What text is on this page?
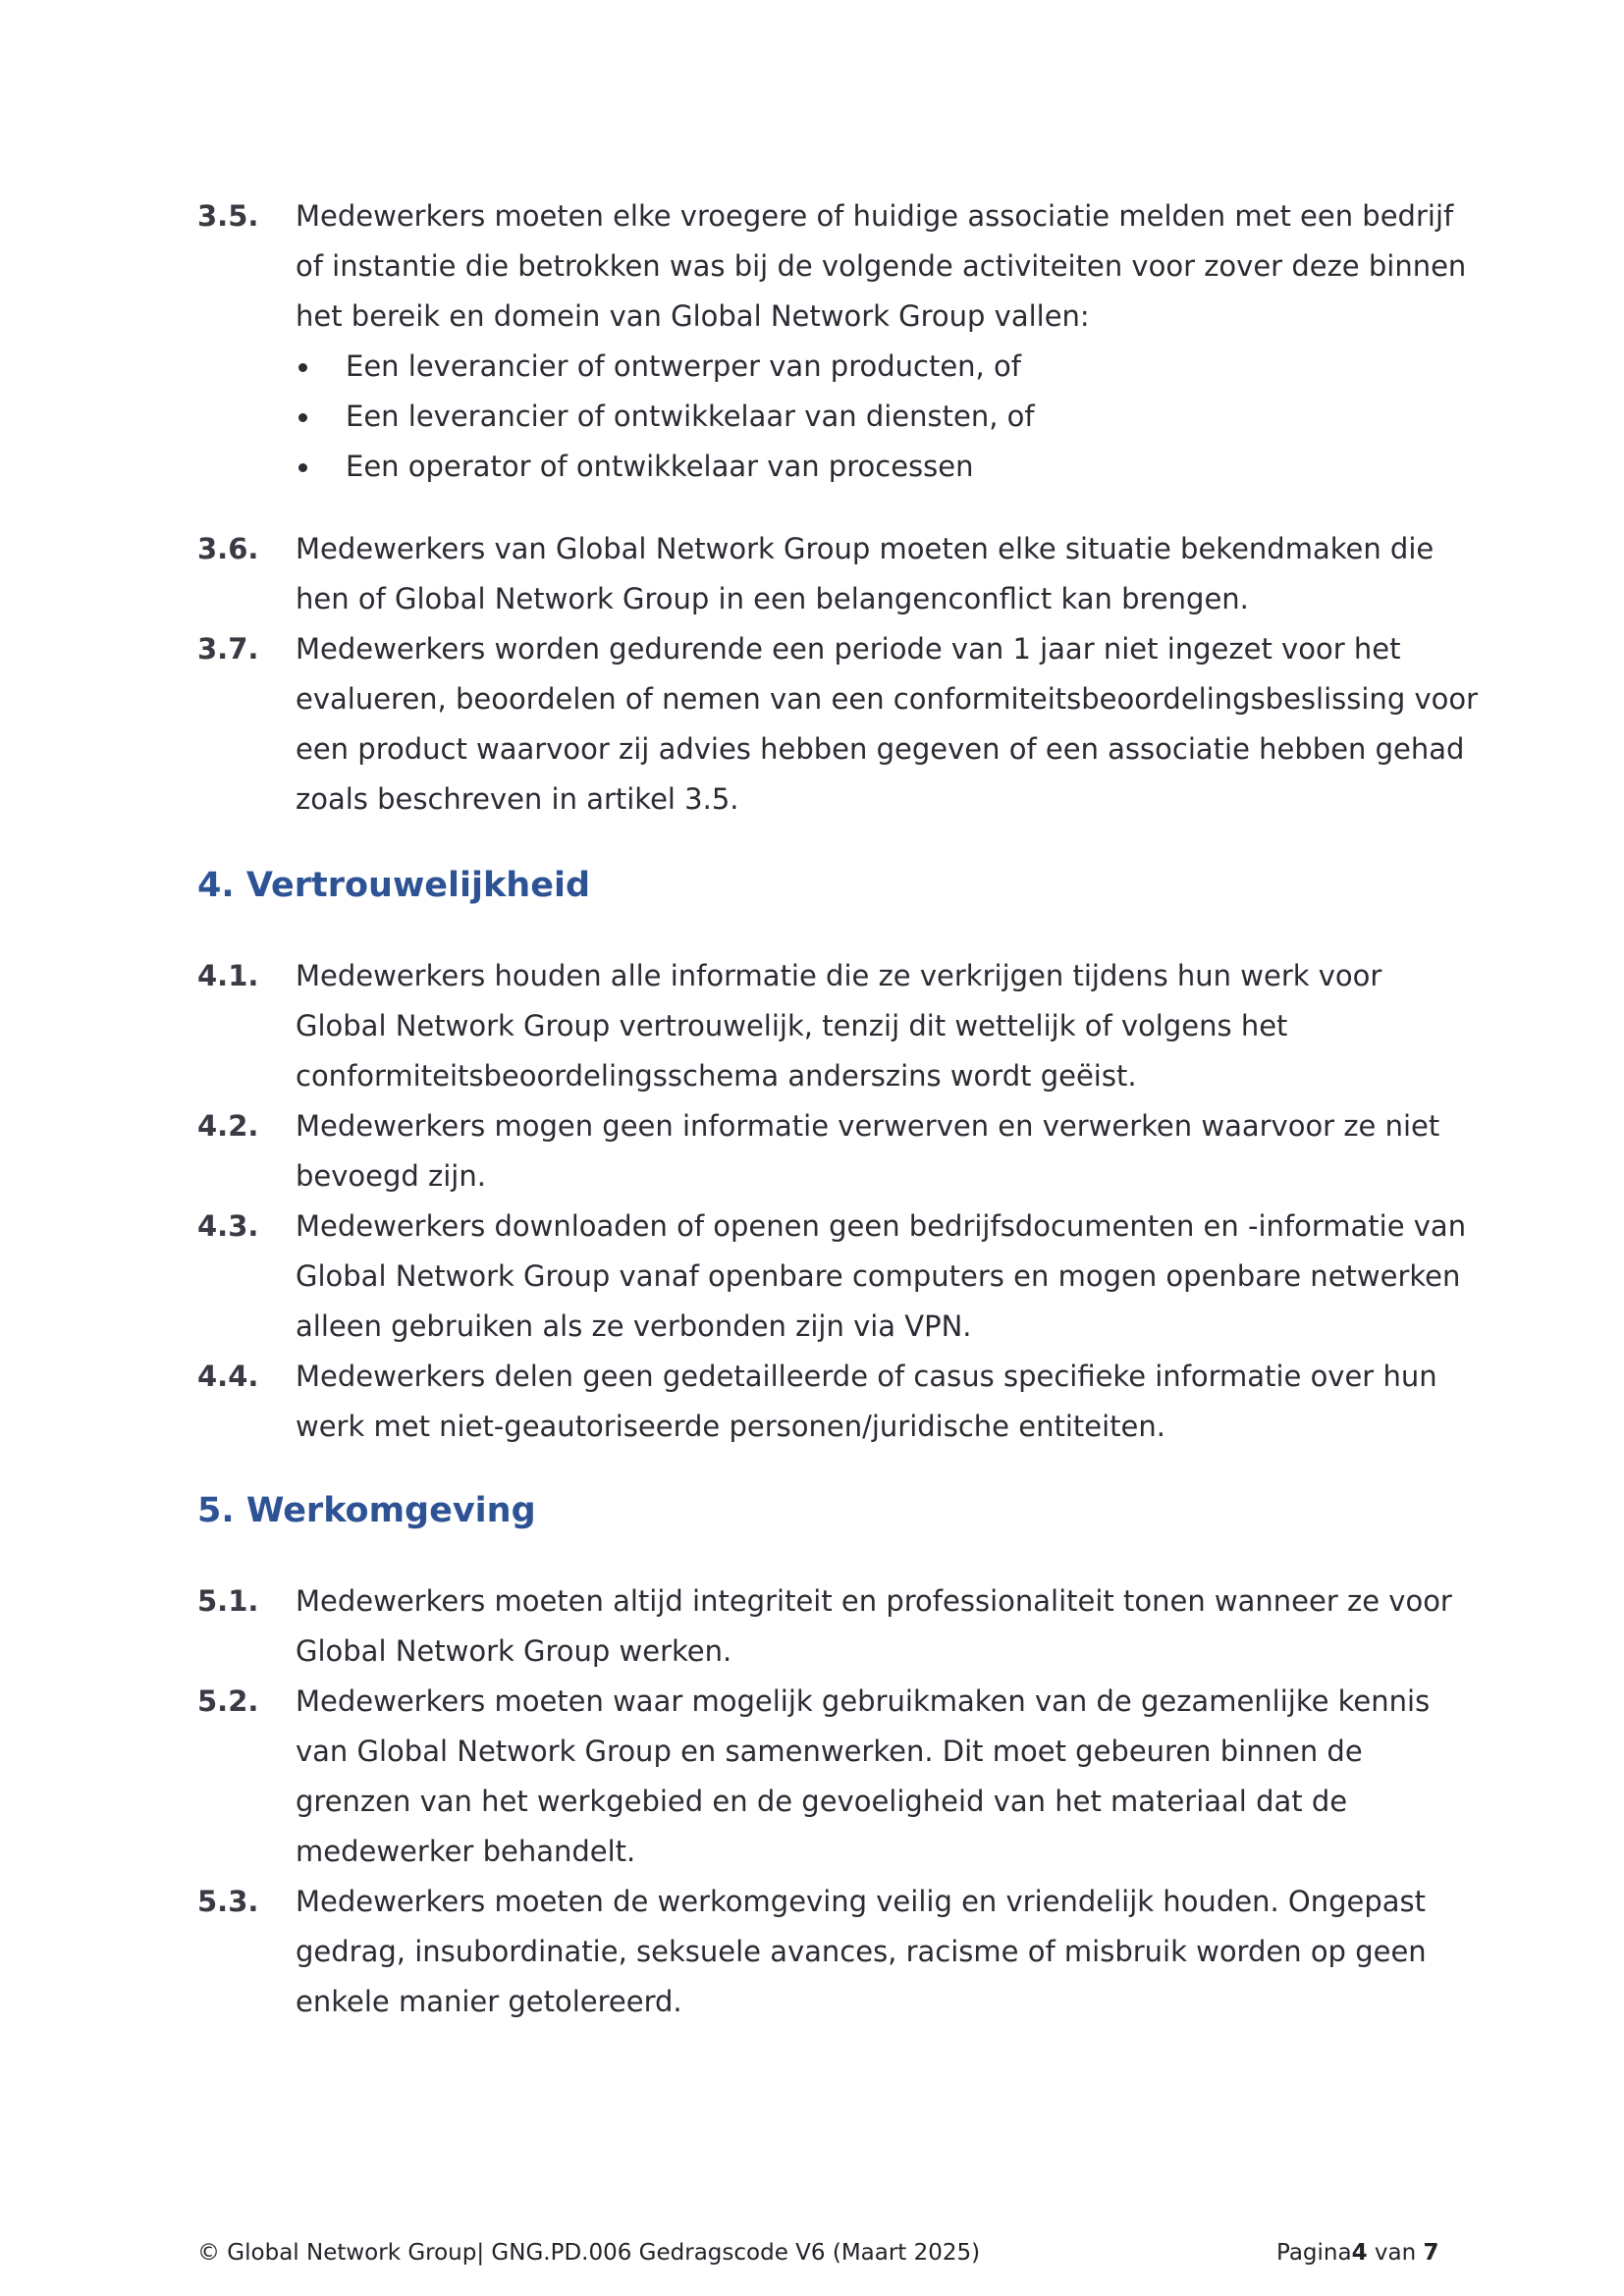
3.5. Medewerkers moeten elke vroegere of huidige associatie melden met een bedrijf
of instantie die betrokken was bij de volgende activiteiten voor zover deze binnen
het bereik en domein van Global Network Group vallen:
Een leverancier of ontwerper van producten, of
Een leverancier of ontwikkelaar van diensten, of
Een operator of ontwikkelaar van processen
3.6. Medewerkers van Global Network Group moeten elke situatie bekendmaken die
hen of Global Network Group in een belangenconflict kan brengen.
3.7. Medewerkers worden gedurende een periode van 1 jaar niet ingezet voor het
evalueren, beoordelen of nemen van een conformiteitsbeoordelingsbeslissing voor
een product waarvoor zij advies hebben gegeven of een associatie hebben gehad
zoals beschreven in artikel 3.5.
4. Vertrouwelijkheid
4.1. Medewerkers houden alle informatie die ze verkrijgen tijdens hun werk voor
Global Network Group vertrouwelijk, tenzij dit wettelijk of volgens het
conformiteitsbeoordelingsschema anderszins wordt geëist.
4.2. Medewerkers mogen geen informatie verwerven en verwerken waarvoor ze niet
bevoegd zijn.
4.3. Medewerkers downloaden of openen geen bedrijfsdocumenten en -informatie van
Global Network Group vanaf openbare computers en mogen openbare netwerken
alleen gebruiken als ze verbonden zijn via VPN.
4.4. Medewerkers delen geen gedetailleerde of casus specifieke informatie over hun
werk met niet-geautoriseerde personen/juridische entiteiten.
5. Werkomgeving
5.1. Medewerkers moeten altijd integriteit en professionaliteit tonen wanneer ze voor
Global Network Group werken.
5.2. Medewerkers moeten waar mogelijk gebruikmaken van de gezamenlijke kennis
van Global Network Group en samenwerken. Dit moet gebeuren binnen de
grenzen van het werkgebied en de gevoeligheid van het materiaal dat de
medewerker behandelt.
5.3. Medewerkers moeten de werkomgeving veilig en vriendelijk houden. Ongepast
gedrag, insubordinatie, seksuele avances, racisme of misbruik worden op geen
enkele manier getolereerd.
© Global Network Group| GNG.PD.006 Gedragscode V6 (Maart 2025)	Pagina4 van 7
